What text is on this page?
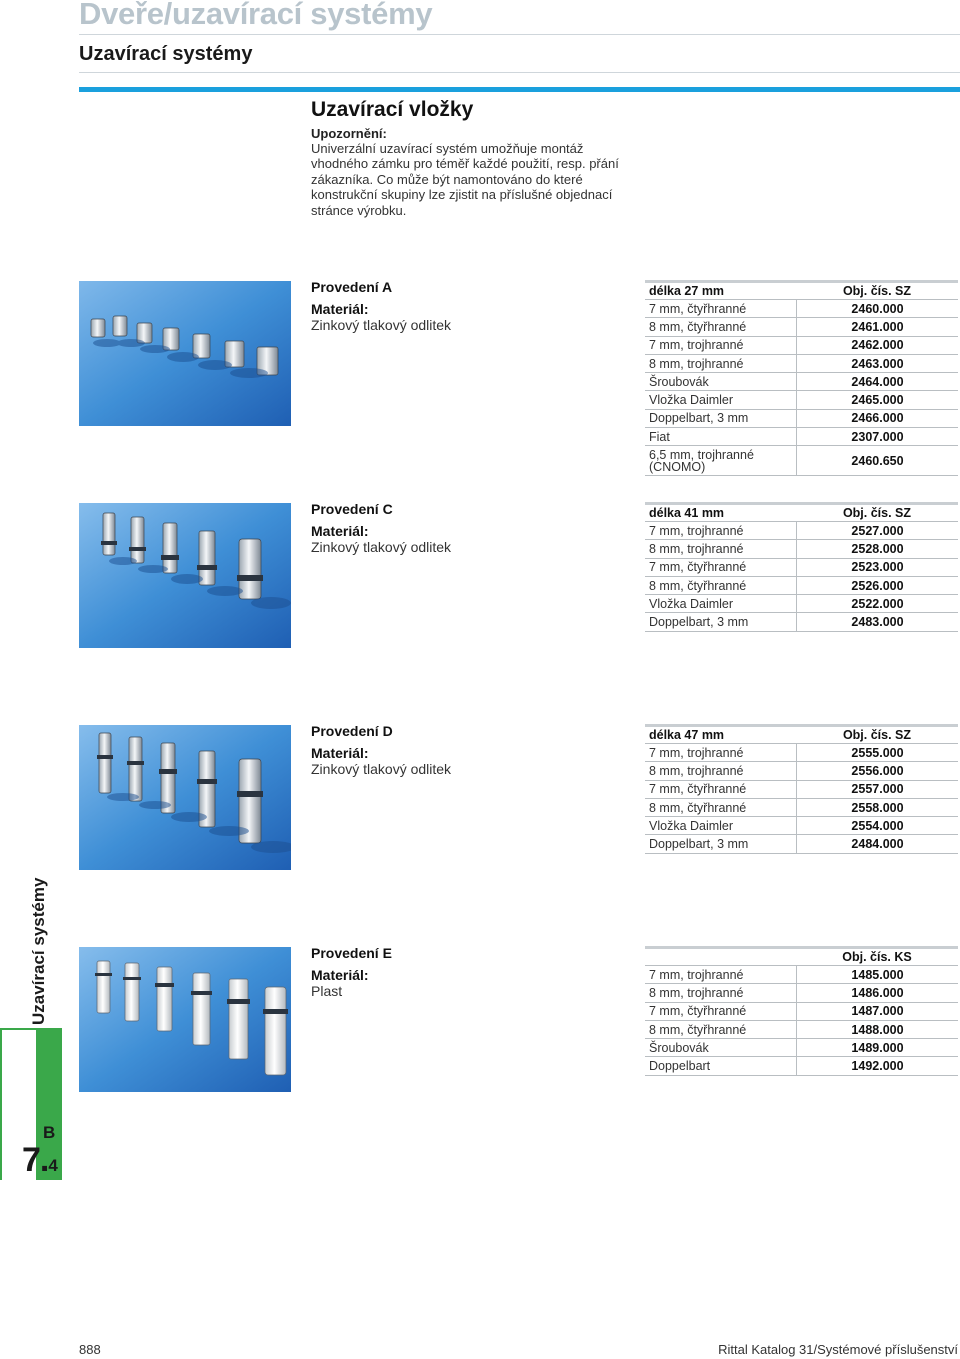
Dveře/uzavírací systémy
Uzavírací systémy
Uzavírací vložky
Upozornění:
Univerzální uzavírací systém umožňuje montáž vhodného zámku pro téměř každé použití, resp. přání zákazníka. Co může být namontováno do které konstrukční skupiny lze zjistit na příslušné objednací stránce výrobku.
Provedení A
Materiál:
Zinkový tlakový odlitek
délka 27 mm	Obj. čís. SZ
7 mm, čtyřhranné	2460.000
8 mm, čtyřhranné	2461.000
7 mm, trojhranné	2462.000
8 mm, trojhranné	2463.000
Šroubovák	2464.000
Vložka Daimler	2465.000
Doppelbart, 3 mm	2466.000
Fiat	2307.000
6,5 mm, trojhranné (CNOMO)	2460.650
Provedení C
Materiál:
Zinkový tlakový odlitek
délka 41 mm	Obj. čís. SZ
7 mm, trojhranné	2527.000
8 mm, trojhranné	2528.000
7 mm, čtyřhranné	2523.000
8 mm, čtyřhranné	2526.000
Vložka Daimler	2522.000
Doppelbart, 3 mm	2483.000
Provedení D
Materiál:
Zinkový tlakový odlitek
délka 47 mm	Obj. čís. SZ
7 mm, trojhranné	2555.000
8 mm, trojhranné	2556.000
7 mm, čtyřhranné	2557.000
8 mm, čtyřhranné	2558.000
Vložka Daimler	2554.000
Doppelbart, 3 mm	2484.000
Provedení E
Materiál:
Plast
Obj. čís. KS
7 mm, trojhranné	1485.000
8 mm, trojhranné	1486.000
7 mm, čtyřhranné	1487.000
8 mm, čtyřhranné	1488.000
Šroubovák	1489.000
Doppelbart	1492.000
Uzavírací systémy
B
7.4
888	Rittal Katalog 31/Systémové příslušenství
